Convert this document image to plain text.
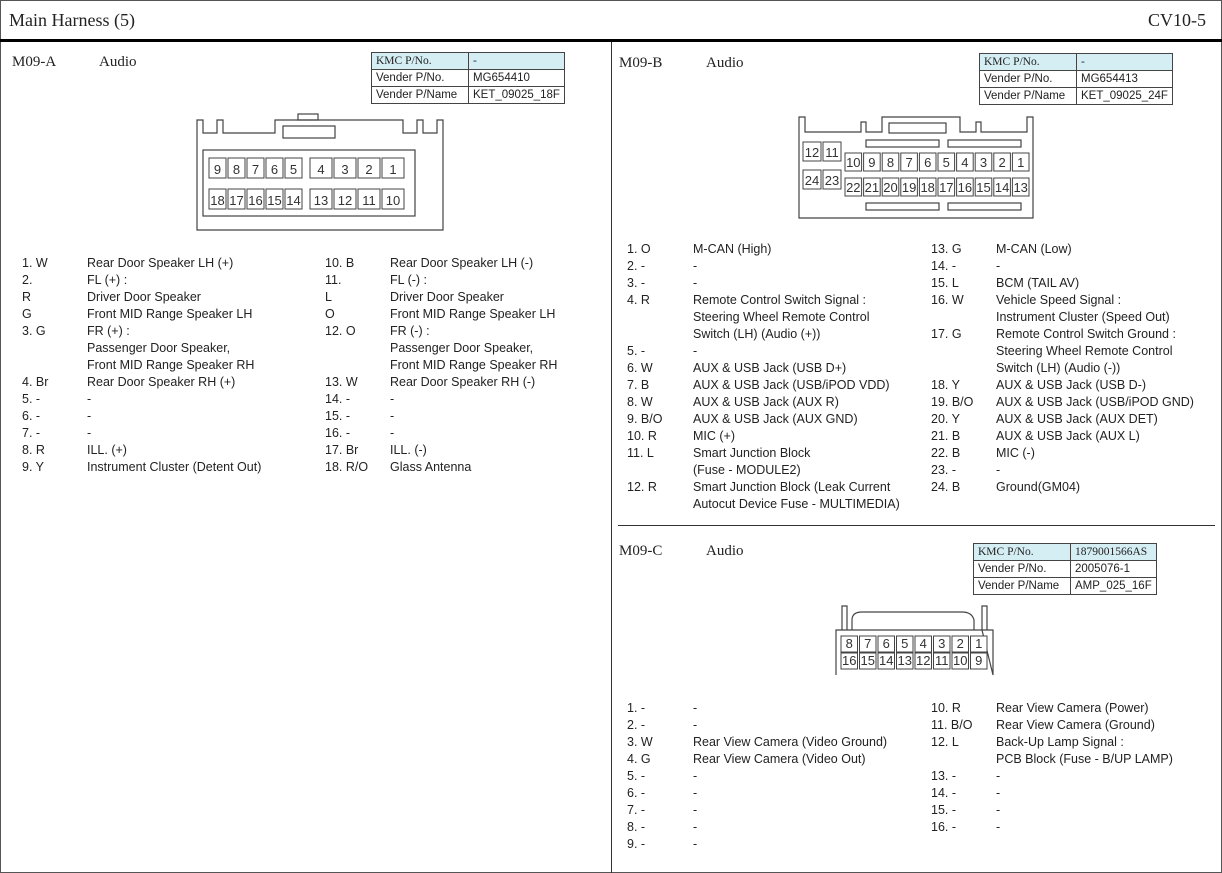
Main Harness (5)	CV10-5
9 8 7 6 5 4 3 2 1
18 17 16 15 14 13 12 11 10
12 11
24 23
10 9 8 7 6 5 4 3 2 1
22 21 20 19 18 17 16 15 14 13
8 7 6 5 4 3 2 1
16 15 14 13 12 11 10 9
M09-A	Audio	KMC P/No.	-
Vender P/No.	MG654410
Vender P/Name	KET_09025_18F
1. W	Rear Door Speaker LH (+)
2.	FL (+) :
R	Driver Door Speaker
G	Front MID Range Speaker LH
3. G	FR (+) :
Passenger Door Speaker,
Front MID Range Speaker RH
4. Br	Rear Door Speaker RH (+)
5. -	-
6. -	-
7. -	-
8. R	ILL. (+)
9. Y	Instrument Cluster (Detent Out)
10. B	Rear Door Speaker LH (-)
11.	FL (-) :
L	Driver Door Speaker
O	Front MID Range Speaker LH
12. O	FR (-) :
Passenger Door Speaker,
Front MID Range Speaker RH
13. W	Rear Door Speaker RH (-)
14. -	-
15. -	-
16. -	-
17. Br	ILL. (-)
18. R/O Glass Antenna
M09-B	Audio	KMC P/No.	-
Vender P/No.	MG654413
Vender P/Name	KET_09025_24F
1. O	M-CAN (High)
2. -	-
3. -	-
4. R	Remote Control Switch Signal :
Steering Wheel Remote Control
Switch (LH) (Audio (+))
5. -	-
6. W	AUX & USB Jack (USB D+)
7. B	AUX & USB Jack (USB/iPOD VDD)
8. W	AUX & USB Jack (AUX R)
9. B/O AUX & USB Jack (AUX GND)
10. R	MIC (+)
11. L	Smart Junction Block
(Fuse - MODULE2)
12. R	Smart Junction Block (Leak Current
Autocut Device Fuse - MULTIMEDIA)
13. G	M-CAN (Low)
14. -	-
15. L	BCM (TAIL AV)
16. W	Vehicle Speed Signal :
Instrument Cluster (Speed Out)
17. G	Remote Control Switch Ground :
Steering Wheel Remote Control
Switch (LH) (Audio (-))
18. Y	AUX & USB Jack (USB D-)
19. B/O AUX & USB Jack (USB/iPOD GND)
20. Y	AUX & USB Jack (AUX DET)
21. B	AUX & USB Jack (AUX L)
22. B	MIC (-)
23. -	-
24. B	Ground(GM04)
M09-C	Audio	KMC P/No.	1879001566AS
Vender P/No.	2005076-1
Vender P/Name	AMP_025_16F
1. -	-
2. -	-
3. W	Rear View Camera (Video Ground)
4. G	Rear View Camera (Video Out)
5. -	-
6. -	-
7. -	-
8. -	-
9. -	-
10. R	Rear View Camera (Power)
11. B/O Rear View Camera (Ground)
12. L	Back-Up Lamp Signal :
PCB Block (Fuse - B/UP LAMP)
13. -	-
14. -	-
15. -	-
16. -	-
